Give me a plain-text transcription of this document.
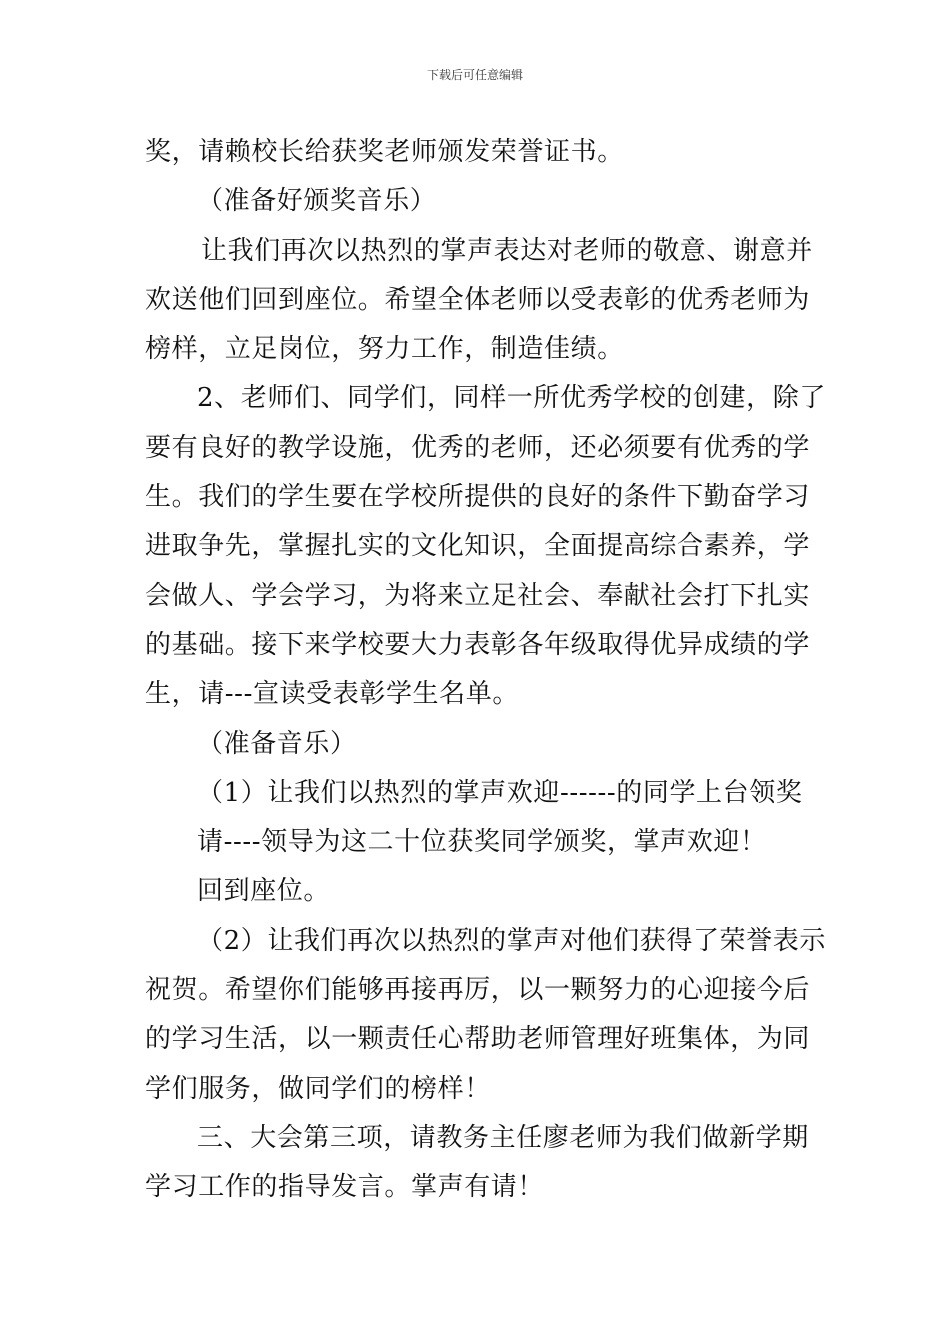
下载后可任意编辑
奖，请赖校长给获奖老师颁发荣誉证书。
（准备好颁奖音乐）
让我们再次以热烈的掌声表达对老师的敬意、谢意并
欢送他们回到座位。希望全体老师以受表彰的优秀老师为
榜样，立足岗位，努力工作，制造佳绩。
2、老师们、同学们，同样一所优秀学校的创建，除了
要有良好的教学设施，优秀的老师，还必须要有优秀的学
生。我们的学生要在学校所提供的良好的条件下勤奋学习
进取争先，掌握扎实的文化知识，全面提高综合素养，学
会做人、学会学习，为将来立足社会、奉献社会打下扎实
的基础。接下来学校要大力表彰各年级取得优异成绩的学
生，请---宣读受表彰学生名单。
（准备音乐）
（1）让我们以热烈的掌声欢迎------的同学上台领奖
请----领导为这二十位获奖同学颁奖，掌声欢迎！
回到座位。
（2）让我们再次以热烈的掌声对他们获得了荣誉表示
祝贺。希望你们能够再接再厉，以一颗努力的心迎接今后
的学习生活，以一颗责任心帮助老师管理好班集体，为同
学们服务，做同学们的榜样！
三、大会第三项，请教务主任廖老师为我们做新学期
学习工作的指导发言。掌声有请！
